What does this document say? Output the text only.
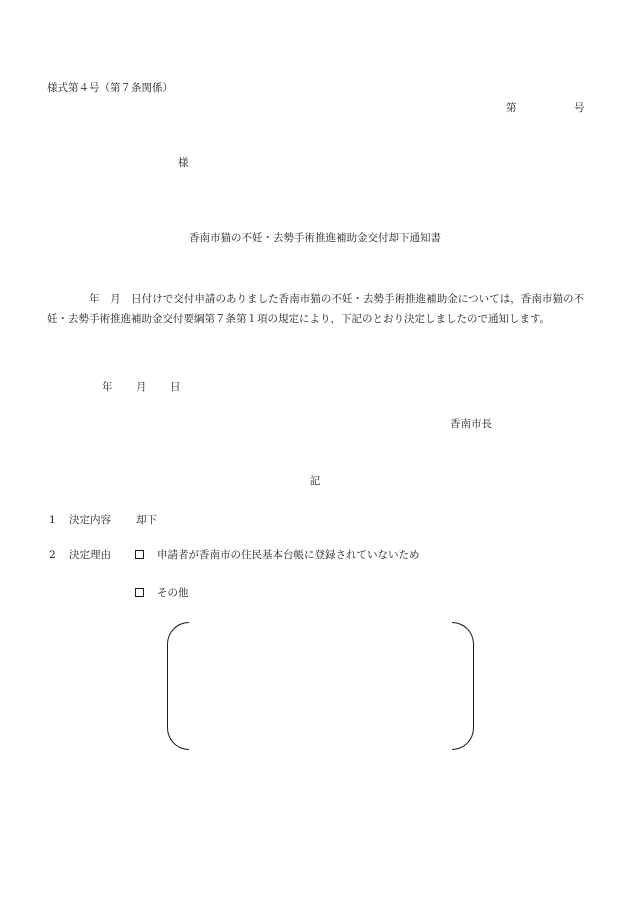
様式第４号（第７条関係）
第	号
様
香南市猫の不妊・去勢手術推進補助金交付却下通知書
年　月　日付けで交付申請のありました香南市猫の不妊・去勢手術推進補助金については，香南市猫の不妊・去勢手術推進補助金交付要綱第７条第１項の規定により，下記のとおり決定しましたので通知します。
年 月 日
香南市長
記
1 決定内容 却下
2 決定理由	申請者が香南市の住民基本台帳に登録されていないため
その他
